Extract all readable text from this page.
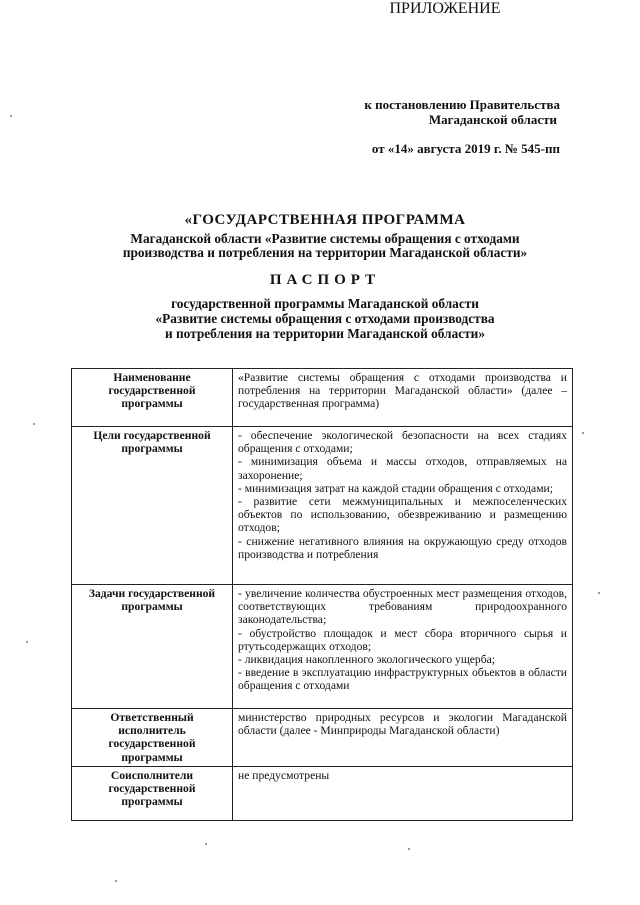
ПРИЛОЖЕНИЕ
к постановлению Правительства
Магаданской области
от «14» августа 2019 г. № 545-пп
«ГОСУДАРСТВЕННАЯ ПРОГРАММА
Магаданской области «Развитие системы обращения с отходами
производства и потребления на территории Магаданской области»
ПАСПОРТ
государственной программы Магаданской области
«Развитие системы обращения с отходами производства
и потребления на территории Магаданской области»
Наименование государственной программы	«Развитие системы обращения с отходами производства и потребления на территории Магаданской области» (далее – государственная программа)

Цели государственной программы	- обеспечение экологической безопасности на всех стадиях обращения с отходами;
- минимизация объема и массы отходов, отправляемых на захоронение;
- минимизация затрат на каждой стадии обращения с отходами;
- развитие сети межмуниципальных и межпоселенческих объектов по использованию, обезвреживанию и размещению отходов;
- снижение негативного влияния на окружающую среду отходов производства и потребления

Задачи государственной программы	- увеличение количества обустроенных мест размещения отходов, соответствующих требованиям природоохранного законодательства;
- обустройство площадок и мест сбора вторичного сырья и ртутьсодержащих отходов;
- ликвидация накопленного экологического ущерба;
- введение в эксплуатацию инфраструктурных объектов в области обращения с отходами

Ответственный исполнитель государственной программы	министерство природных ресурсов и экологии Магаданской области (далее - Минприроды Магаданской области)

Соисполнители государственной программы	не предусмотрены
